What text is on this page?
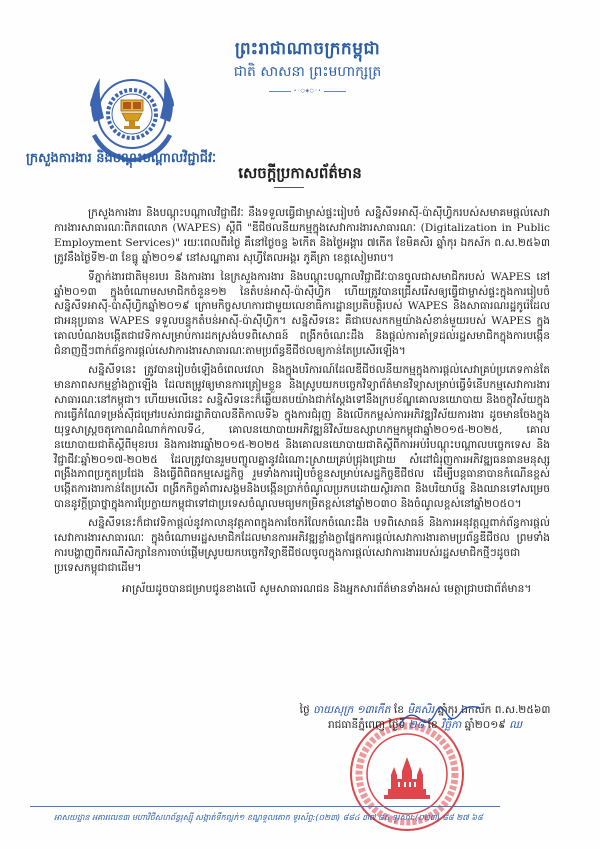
ព្រះរាជាណាចក្រកម្ពុជា
ជាតិ សាសនា ព្រះមហាក្សត្រ
•◦○◈○◦•
ក្រសួងការងារ និងបណ្តុះបណ្តាលវិជ្ជាជីវៈ
សេចក្តីប្រកាសព័ត៌មាន

ក្រសួងការងារ និងបណ្តុះបណ្តាលវិជ្ជាជីវៈ នឹងទទួលធ្វើជាម្ចាស់ផ្ទះរៀបចំ សន្និសីទអាស៊ី-ប៉ាស៊ីហ្វិករបស់សមាគមផ្តល់សេវាការងារសាធារណៈពិភពលោក (WAPES) ស្តីពី "ឌីជីថលនីយកម្មក្នុងសេវាការងារសាធារណៈ (Digitalization in Public Employment Services)" រយៈពេលពីរថ្ងៃ គឺនៅថ្ងៃចន្ទ ៦កើត និងថ្ងៃអង្គារ ៧កើត ខែមិគសិរ ឆ្នាំកុរ ឯកស័ក ព.ស.២៥៦៣ ត្រូវនឹងថ្ងៃទី២-៣ ខែធ្នូ ឆ្នាំ២០១៩ នៅសណ្ឋាគារ សុហ្វីតែលអង្គរ ភូគីត្រា ខេត្តសៀមរាប។

ទីភ្នាក់ងារជាតិមុខរបរ និងការងារ នៃក្រសួងការងារ និងបណ្តុះបណ្តាលវិជ្ជាជីវៈបានចូលជាសមាជិករបស់ WAPES នៅឆ្នាំ២០១៣ ក្នុងចំណោមសមាជិកចំនួន១២ នៃតំបន់អាស៊ី-ប៉ាស៊ីហ្វិក ហើយត្រូវបានជ្រើសរើសឲ្យធ្វើជាម្ចាស់ផ្ទះក្នុងការរៀបចំសន្និសីទអាស៊ី-ប៉ាស៊ីហ្វិកឆ្នាំ២០១៩ ក្រោមកិច្ចសហការជាមួយលេខាធិការដ្ឋានប្រតិបត្តិរបស់ WAPES និងសាធារណរដ្ឋកូរ៉េដែលជាអនុប្រធាន WAPES ទទួលបន្ទុកតំបន់អាស៊ី-ប៉ាស៊ីហ្វិក។ សន្និសីទនេះ គឺជាបេសកកម្មយ៉ាងសំខាន់មួយរបស់ WAPES ក្នុងគោលបំណងបង្កើតជាវេទិកាសម្រាប់ការដកស្រង់បទពិសោធន៍ ពង្រីកចំណេះដឹង និងផ្តល់ការគាំទ្រដល់រដ្ឋសមាជិកក្នុងការបង្កើនជំនាញថ្មីៗពាក់ព័ន្ធការផ្តល់សេវាការងារសាធារណៈតាមប្រព័ន្ធឌីជីថលឲ្យកាន់តែប្រសើរឡើង។

សន្និសីទនេះ ត្រូវបានរៀបចំឡើងចំពេលវេលា និងក្នុងបរិការណ៍ដែលឌីជីថលនីយកម្មក្នុងការផ្តល់សេវាគ្រប់ប្រភេទកាន់តែមានភាពសកម្មខ្លាំងក្លាឡើង ដែលតម្រូវឲ្យមានការត្រៀមខ្លួន និងស្រូបយកបច្ចេកវិទ្យាព័ត៌មានវិទ្យាសម្រាប់ធ្វើទំនើបកម្មសេវាការងារសាធារណៈនៅកម្ពុជា។ ហើយមលើនេះ សន្និសីទនេះក៏ឆ្លើយតបយ៉ាងជាក់ស្តែងទៅនឹងក្របខ័ណ្ឌគោលនយោបាយ និងចក្ខុវិស័យក្នុងការធ្វើកំណែទម្រង់ស៊ីជម្រៅរបស់រាជរដ្ឋាភិបាលនីតិកាលទី៦ ក្នុងការជំរុញ និងលើកកម្ពស់ការអភិវឌ្ឍវិស័យការងារ ដូចមានចែងក្នុងយុទ្ធសាស្ត្រចតុកោណដំណាក់កាលទី៤, គោលនយោបាយអភិវឌ្ឍន៍វិស័យឧស្សាហកម្មកម្ពុជាឆ្នាំ២០១៥-២០២៥, គោលនយោបាយជាតិស្តីពីមុខរបរ និងការងារឆ្នាំ២០១៥-២០២៥ និងគោលនយោបាយជាតិស្តីពីការអប់រំបណ្តុះបណ្តាលបច្ចេកទេស និងវិជ្ជាជីវៈឆ្នាំ២០១៧-២០២៥ ដែលត្រូវបានរួមបញ្ចូលគ្នានូវដំណោះស្រាយគ្រប់ជ្រុងជ្រោយ សំដៅជំរុញការអភិវឌ្ឍធនធានមនុស្ស ពង្រឹងភាពប្រកួតប្រជែង និងធ្វើពិពិធកម្មសេដ្ឋកិច្ច រួមទាំងការរៀបចំខ្លួនសម្រាប់សេដ្ឋកិច្ចឌីជីថល ដើម្បីបន្តធានាបានកំណើនខ្ពស់ បង្កើតការងារកាន់តែប្រសើរ ពង្រីកកិច្ចគាំពារសង្គមនិងបង្កើនប្រាក់ចំណូលប្រកបដោយស្ថិរភាព និងបរិយាប័ន្ន និងឈានទៅសម្រេចបាននូវក្តីប្រាថ្នាក្នុងការប្រែក្លាយកម្ពុជាទៅជាប្រទេសចំណូលមធ្យមកម្រិតខ្ពស់នៅឆ្នាំ២០៣០ និងចំណូលខ្ពស់នៅឆ្នាំ២០៥០។

សន្និសីទនេះក៏ជាវេទិកាផ្តល់នូវកាលានុវត្តភាពក្នុងការចែករំលែកចំណេះដឹង បទពិសោធន៍ និងការអនុវត្តល្អពាក់ព័ន្ធការផ្តល់សេវាការងារសាធារណៈ ក្នុងចំណោមរដ្ឋសមាជិកដែលមានការអភិវឌ្ឍខ្លាំងក្លាផ្នែកការផ្តល់សេវាការងារតាមប្រព័ន្ធឌីជីថល ព្រមទាំងការបង្ហាញពីករណីសិក្សានៃការចាប់ផ្តើមស្រូបយកបច្ចេកវិទ្យាឌីជីថលចូលក្នុងការផ្តល់សេវាការងាររបស់រដ្ឋសមាជិកថ្មីៗដូចជា ប្រទេសកម្ពុជាជាដើម។

អាស្រ័យដូចបានជម្រាបជូនខាងលើ សូមសាធារណជន និងអ្នកសារព័ត៌មានទាំងអស់ មេត្តាជ្រាបជាព័ត៌មាន។

ថ្ងៃ ចាយសុក្រ ១៣កើត ខែ មិគសិរ ឆ្នាំកុរ ឯកស័ក ព.ស.២៥៦៣
រាជធានីភ្នំពេញ ថ្ងៃទី ២៨ ខែ វិច្ឆិកា ឆ្នាំ២០១៩ ឈ
អាសយដ្ឋាន អគារលេខ៣ មហាវិថីសហព័ន្ធរុស្ស៊ី សង្កាត់ទឹកល្អក់១ ខណ្ឌទួលគោក ទូរស័ព្ទ:(០២៣) ៨៨៤ ៣៧ ៨៥ ទូរសារ:(០២៣) ៨៨ ២៧ ៦៨
